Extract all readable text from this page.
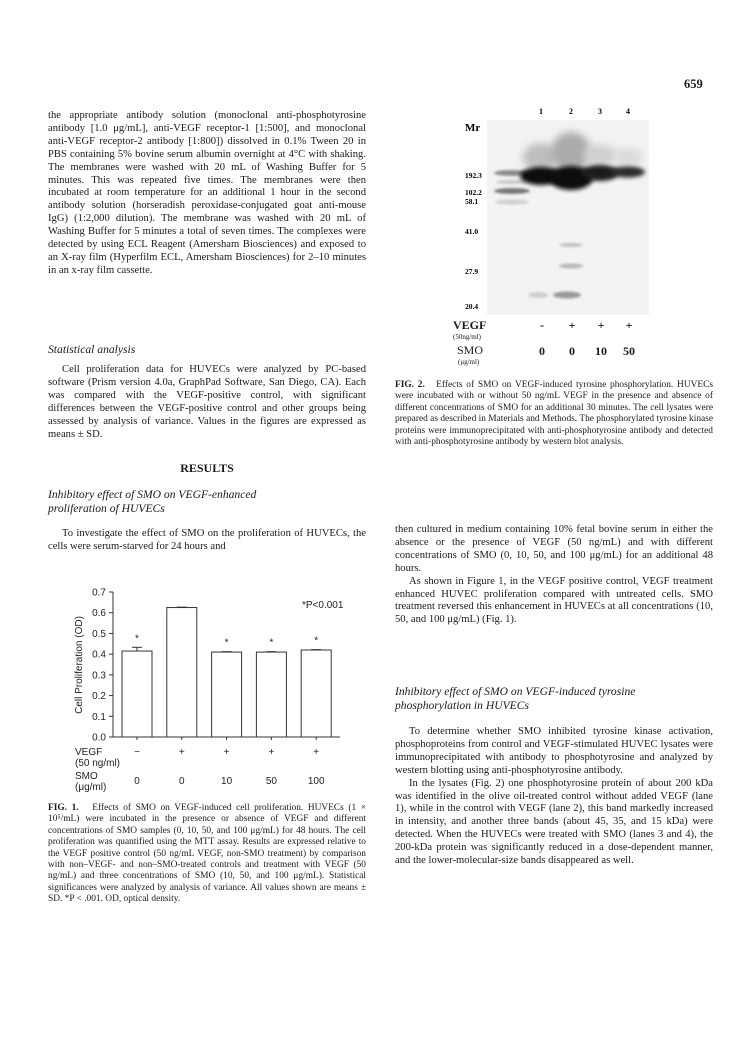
659

the appropriate antibody solution (monoclonal anti-phosphotyrosine antibody [1.0 μg/mL], anti-VEGF receptor-1 [1:500], and monoclonal anti-VEGF receptor-2 antibody [1:800]) dissolved in 0.1% Tween 20 in PBS containing 5% bovine serum albumin overnight at 4°C with shaking. The membranes were washed with 20 mL of Washing Buffer for 5 minutes. This was repeated five times. The membranes were then incubated at room temperature for an additional 1 hour in the second antibody solution (horseradish peroxidase-conjugated goat anti-mouse IgG) (1:2,000 dilution). The membrane was washed with 20 mL of Washing Buffer for 5 minutes a total of seven times. The complexes were detected by using ECL Reagent (Amersham Biosciences) and exposed to an X-ray film (Hyperfilm ECL, Amersham Biosciences) for 2–10 minutes in an x-ray film cassette.

Statistical analysis

Cell proliferation data for HUVECs were analyzed by PC-based software (Prism version 4.0a, GraphPad Software, San Diego, CA). Each was compared with the VEGF-positive control, with significant differences between the VEGF-positive control and other groups being assessed by analysis of variance. Values in the figures are expressed as means ± SD.

RESULTS
Inhibitory effect of SMO on VEGF-enhanced proliferation of HUVECs

To investigate the effect of SMO on the proliferation of HUVECs, the cells were serum-starved for 24 hours and

Cell Proliferation (OD)
0.0
0.1
0.2
0.3
0.4
0.5
0.6
0.7
*	*	*	*
VEGF
(50 ng/ml)
−	+	+	+	+
SMO
(μg/ml)
0	0	10	50	100
*P<0.001
FIG. 1. Effects of SMO on VEGF-induced cell proliferation. HUVECs (1 × 10⁵/mL) were incubated in the presence or absence of VEGF and different concentrations of SMO samples (0, 10, 50, and 100 μg/mL) for 48 hours. The cell proliferation was quantified using the MTT assay. Results are expressed relative to the VEGF positive control (50 ng/mL VEGF, non-SMO treatment) by comparison with non–VEGF- and non–SMO-treated controls and treatment with VEGF (50 ng/mL) and three concentrations of SMO (10, 50, and 100 μg/mL). Statistical significances were analyzed by analysis of variance. All values shown are means ± SD. *P < .001. OD, optical density.
1	2	3	4
Mr
192.3
102.2
58.1
41.0
27.9
20.4
VEGF
(50ng/ml)
SMO
(μg/ml)
-	+ + +
0	0	10 50
FIG. 2. Effects of SMO on VEGF-induced tyrosine phosphorylation. HUVECs were incubated with or without 50 ng/mL VEGF in the presence and absence of different concentrations of SMO for an additional 30 minutes. The cell lysates were prepared as described in Materials and Methods. The phosphorylated tyrosine kinase proteins were immunoprecipitated with anti-phosphotyrosine antibody and detected with anti-phosphotyrosine antibody by western blot analysis.

then cultured in medium containing 10% fetal bovine serum in either the absence or the presence of VEGF (50 ng/mL) and with different concentrations of SMO (0, 10, 50, and 100 μg/mL) for an additional 48 hours.

As shown in Figure 1, in the VEGF positive control, VEGF treatment enhanced HUVEC proliferation compared with untreated cells. SMO treatment reversed this enhancement in HUVECs at all concentrations (10, 50, and 100 μg/mL) (Fig. 1).

Inhibitory effect of SMO on VEGF-induced tyrosine phosphorylation in HUVECs

To determine whether SMO inhibited tyrosine kinase activation, phosphoproteins from control and VEGF-stimulated HUVEC lysates were immunoprecipitated with antibody to phosphotyrosine and analyzed by western blotting using anti-phosphotyrosine antibody.

In the lysates (Fig. 2) one phosphotyrosine protein of about 200 kDa was identified in the olive oil-treated control without added VEGF (lane 1), while in the control with VEGF (lane 2), this band markedly increased in intensity, and another three bands (about 45, 35, and 15 kDa) were detected. When the HUVECs were treated with SMO (lanes 3 and 4), the 200-kDa protein was significantly reduced in a dose-dependent manner, and the lower-molecular-size bands disappeared as well.
